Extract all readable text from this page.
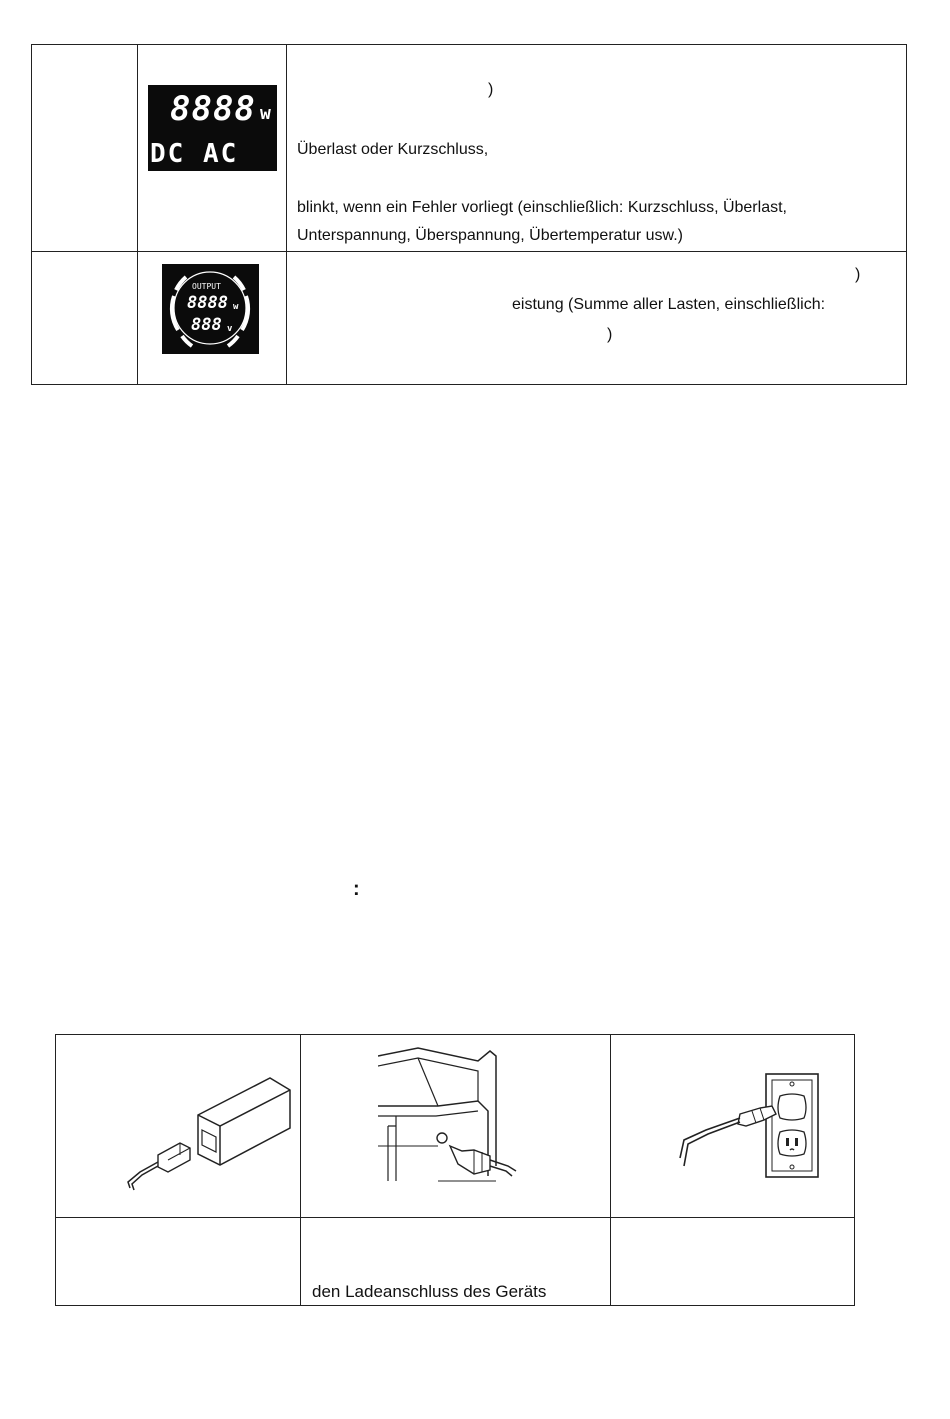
8888 w
DC AC
)
Überlast oder Kurzschluss,
blinkt, wenn ein Fehler vorliegt (einschließlich: Kurzschluss, Überlast,
Unterspannung, Überspannung, Übertemperatur usw.)
OUTPUT
8888 w
888 v
)
eistung (Summe aller Lasten, einschließlich:
)
:
den Ladeanschluss des Geräts
